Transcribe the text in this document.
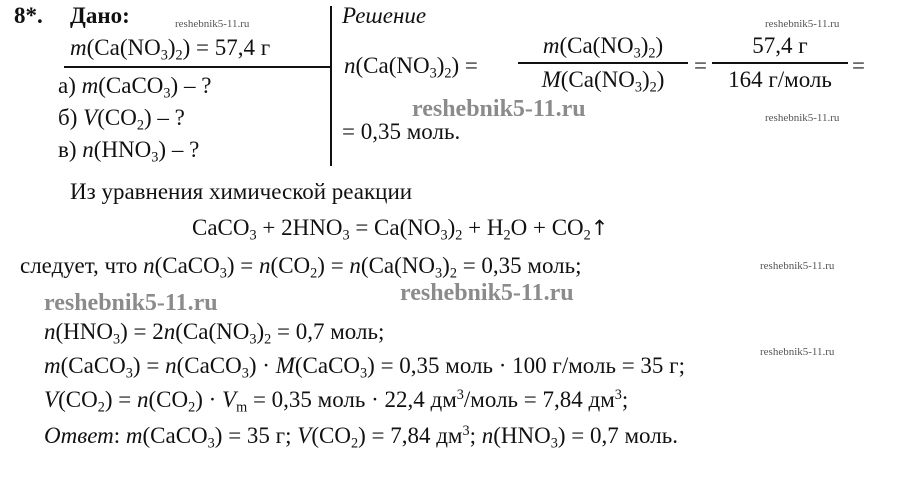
8*. Дано:	reshebnik5-11.ru
$m(Ca(NO_3)_2) = 57,4$ г
а) m(CaCO$_3$) – ?
б) $V(CO_2)$ – ?
в) $n(HNO_3)$ – ?
Решение	reshebnik5-11.ru
$n(Ca(NO_3)_2)$ =
$m(Ca(NO_3)_2)$
$M(Ca(NO_3)_2)$
=
57,4 г
164 г/моль
=
reshebnik5-11.ru	reshebnik5-11.ru
= 0,35 моль.
Из уравнения химической реакции
CaCO$_3$ + $2HNO_3 = Ca(NO_3)_2 + H_2O$ + $CO_2↑$
следует, что n(CaCO$_3$) = $n(CO_2) = n(Ca(NO_3)_2 = 0,35$ моль;	reshebnik5-11.ru
reshebnik5-11.ru	reshebnik5-11.ru
$n(HNO_3) = 2n(Ca(NO_3)_2 = 0,7$ моль;
reshebnik5-11.ru
m(CaCO$_3$) = n(CaCO$_3$) · M(CaCO$_3$) = 0,35 моль · 100 г/моль = 35 г;
$V(CO_2) = n(CO_2) \cdot V_m = 0,35$ моль · 22,4 $дм^3$/моль = 7,84 $дм^3$;
Ответ: m(CaCO$_3$) = 35 г; $V(CO_2) = 7,84$ $дм^3$; $n(HNO_3) = 0,7$ моль.
